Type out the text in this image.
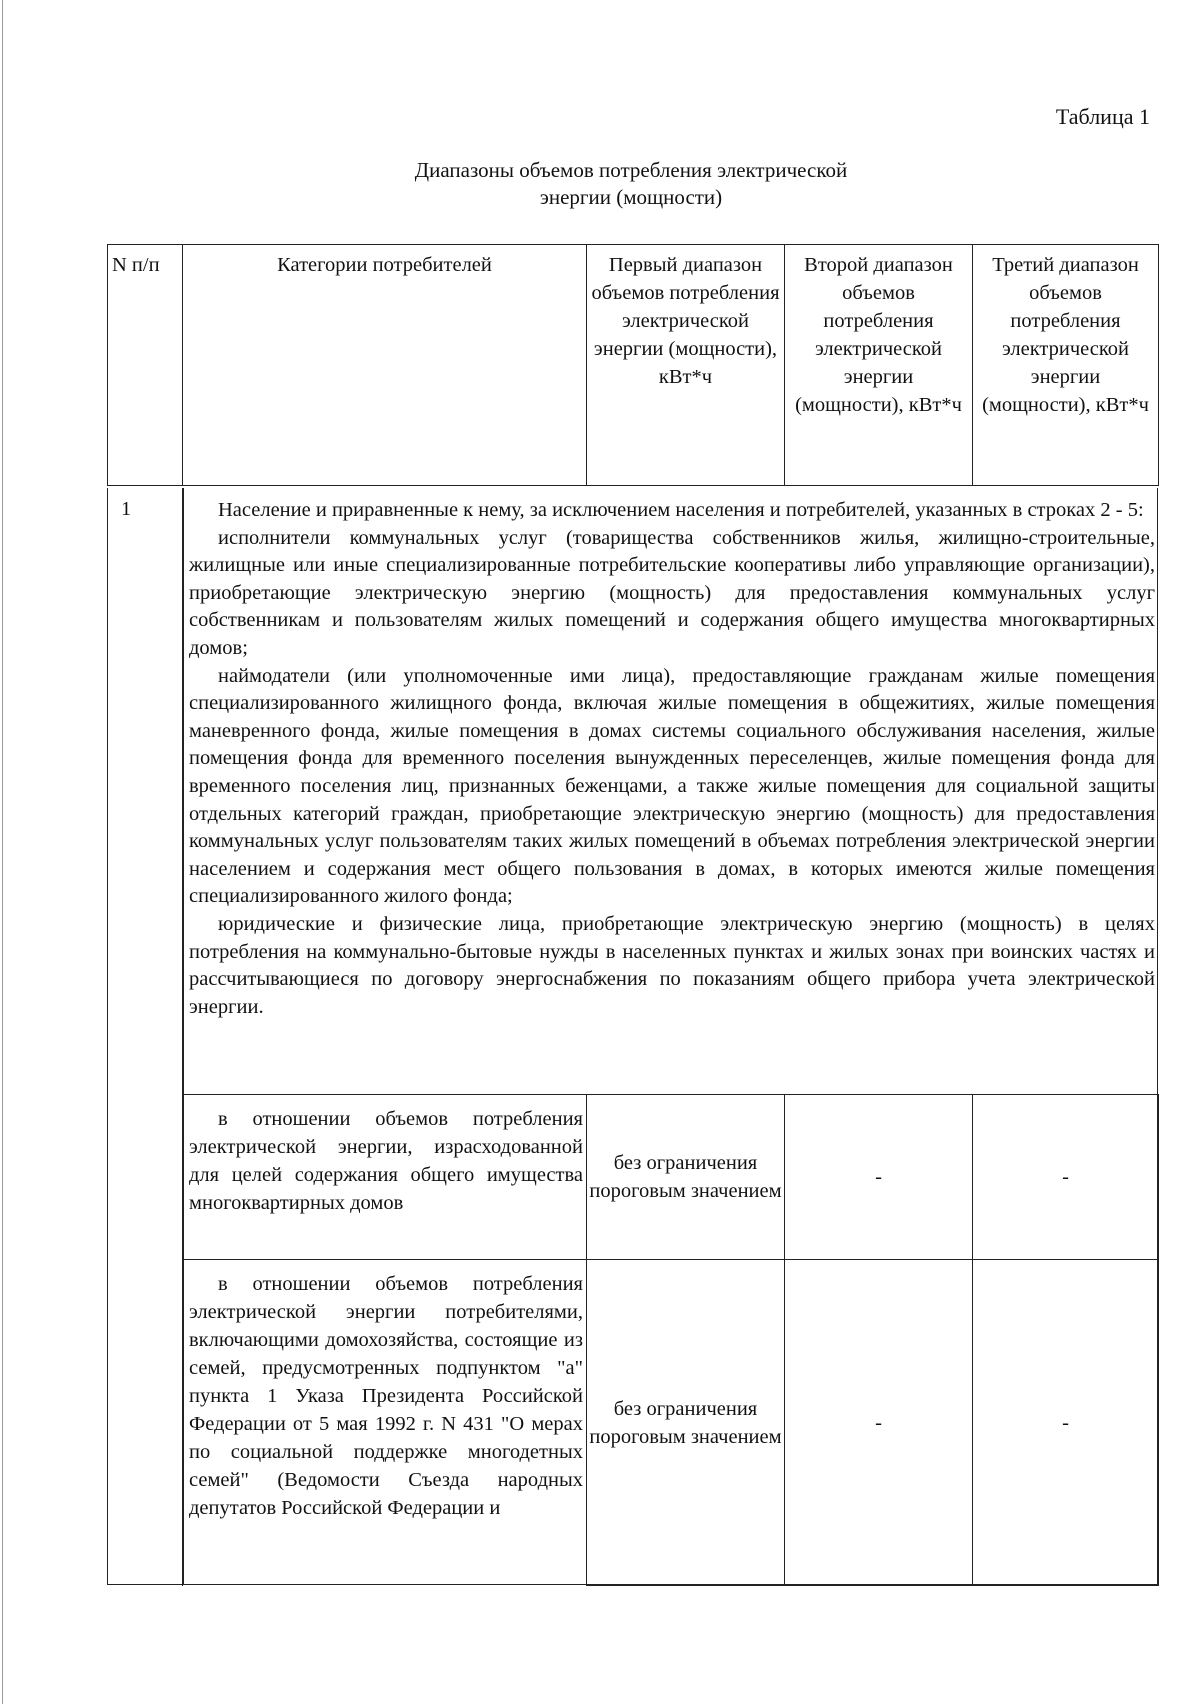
Таблица 1
Диапазоны объемов потребления электрической
энергии (мощности)
N п/п	Категории потребителей	Первый диапазон объемов потребления электрической энергии (мощности), кВт*ч	Второй диапазон объемов потребления электрической энергии (мощности), кВт*ч	Третий диапазон объемов потребления электрической энергии (мощности), кВт*ч
1	Население и приравненные к нему, за исключением населения и потребителей, указанных в строках 2 - 5:

исполнители коммунальных услуг (товарищества собственников жилья, жилищно-строительные, жилищные или иные специализированные потребительские кооперативы либо управляющие организации), приобретающие электрическую энергию (мощность) для предоставления коммунальных услуг собственникам и пользователям жилых помещений и содержания общего имущества многоквартирных домов;

наймодатели (или уполномоченные ими лица), предоставляющие гражданам жилые помещения специализированного жилищного фонда, включая жилые помещения в общежитиях, жилые помещения маневренного фонда, жилые помещения в домах системы социального обслуживания населения, жилые помещения фонда для временного поселения вынужденных переселенцев, жилые помещения фонда для временного поселения лиц, признанных беженцами, а также жилые помещения для социальной защиты отдельных категорий граждан, приобретающие электрическую энергию (мощность) для предоставления коммунальных услуг пользователям таких жилых помещений в объемах потребления электрической энергии населением и содержания мест общего пользования в домах, в которых имеются жилые помещения специализированного жилого фонда;

юридические и физические лица, приобретающие электрическую энергию (мощность) в целях потребления на коммунально-бытовые нужды в населенных пунктах и жилых зонах при воинских частях и рассчитывающиеся по договору энергоснабжения по показаниям общего прибора учета электрической энергии.

в отношении объемов потребления электрической энергии, израсходованной для целей содержания общего имущества многоквартирных домов	без ограничения пороговым значением	-	-

в отношении объемов потребления электрической энергии потребителями, включающими домохозяйства, состоящие из семей, предусмотренных подпунктом "а" пункта 1 Указа Президента Российской Федерации от 5 мая 1992 г. N 431 "О мерах по социальной поддержке многодетных семей" (Ведомости Съезда народных депутатов Российской Федерации и	без ограничения пороговым значением	-	-
